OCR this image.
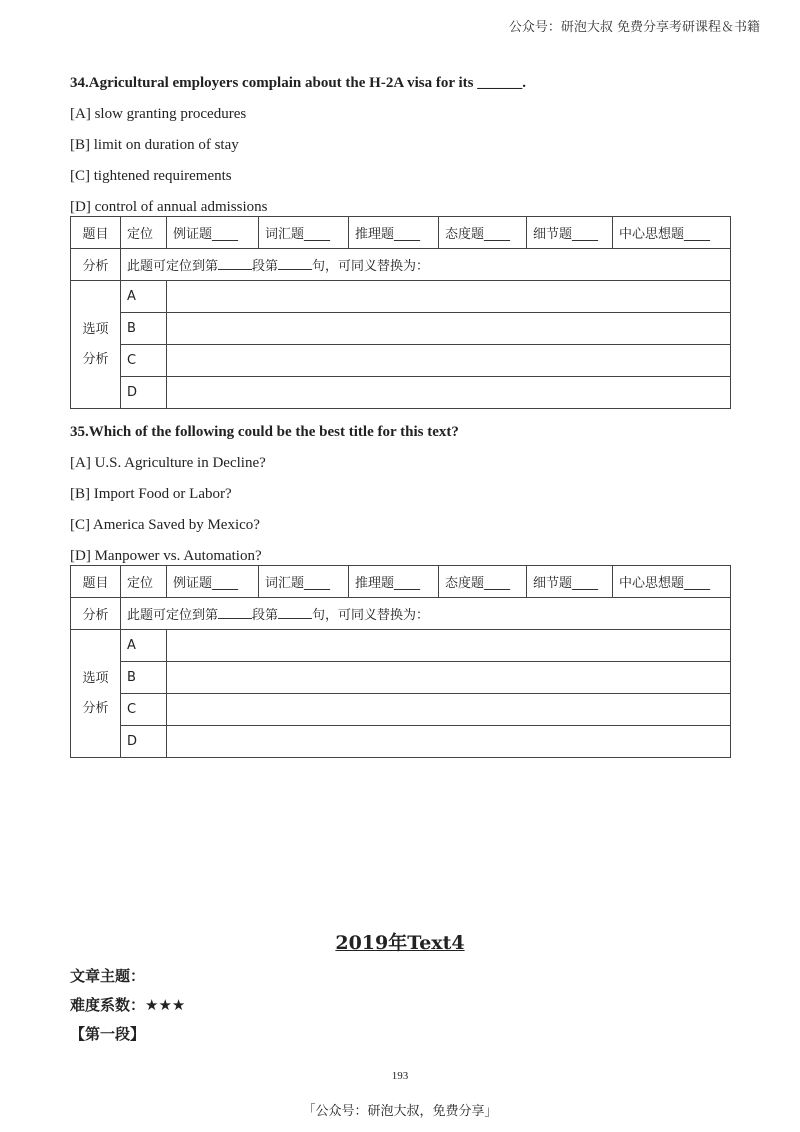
公众号：研泡大叔 免费分享考研课程＆书籍

34.Agricultural employers complain about the H-2A visa for its ______.

[A] slow granting procedures

[B] limit on duration of stay

[C] tightened requirements

[D] control of annual admissions

题目	定位	例证题____	词汇题____	推理题____	态度题____	细节题____	中心思想题____
分析	此题可定位到第 段第 句，可同义替换为：						

选项
分析	A						
	B						
	C						
	D						

35.Which of the following could be the best title for this text?

[A] U.S. Agriculture in Decline?

[B] Import Food or Labor?

[C] America Saved by Mexico?

[D] Manpower vs. Automation?

题目	定位	例证题____	词汇题____	推理题____	态度题____	细节题____	中心思想题____
分析	此题可定位到第 段第 句，可同义替换为：						

选项
分析	A						
	B						
	C						
	D						
2019年Text4
文章主题：
难度系数：★★★
【第一段】
193
「公众号：研泡大叔，免费分享」
